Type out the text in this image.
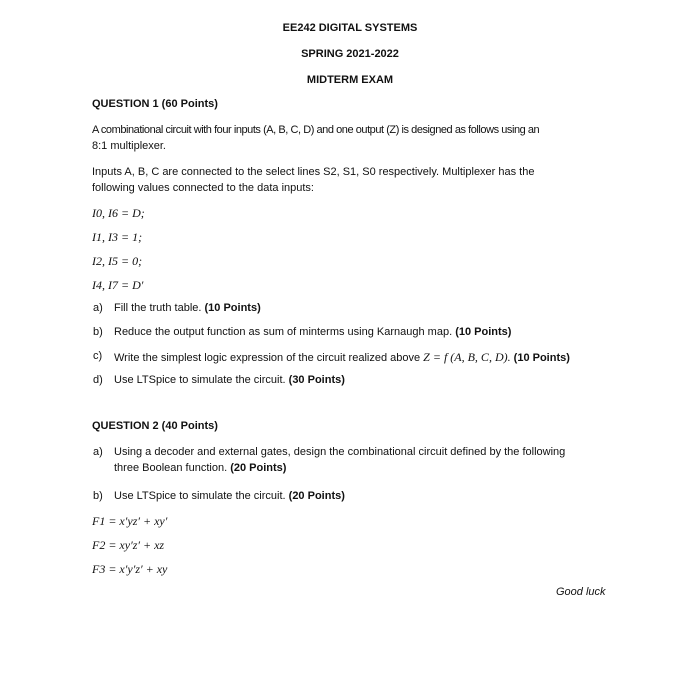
EE242 DIGITAL SYSTEMS
SPRING 2021-2022
MIDTERM EXAM
QUESTION 1 (60 Points)
A combinational circuit with four inputs (A, B, C, D) and one output (Z) is designed as follows using an
8:1 multiplexer.
Inputs A, B, C are connected to the select lines S2, S1, S0 respectively. Multiplexer has the
following values connected to the data inputs:
I0, I6 = D;
I1, I3 = 1;
I2, I5 = 0;
I4, I7 = D′
a) Fill the truth table. (10 Points)
b) Reduce the output function as sum of minterms using Karnaugh map. (10 Points)
c) Write the simplest logic expression of the circuit realized above Z = f (A, B, C, D). (10 Points)
d) Use LTSpice to simulate the circuit. (30 Points)
QUESTION 2 (40 Points)
a) Using a decoder and external gates, design the combinational circuit defined by the following
three Boolean function. (20 Points)
b) Use LTSpice to simulate the circuit. (20 Points)
F1 = x′yz′ + xy′
F2 = xy′z′ + xz
F3 = x′y′z′ + xy
Good luck
